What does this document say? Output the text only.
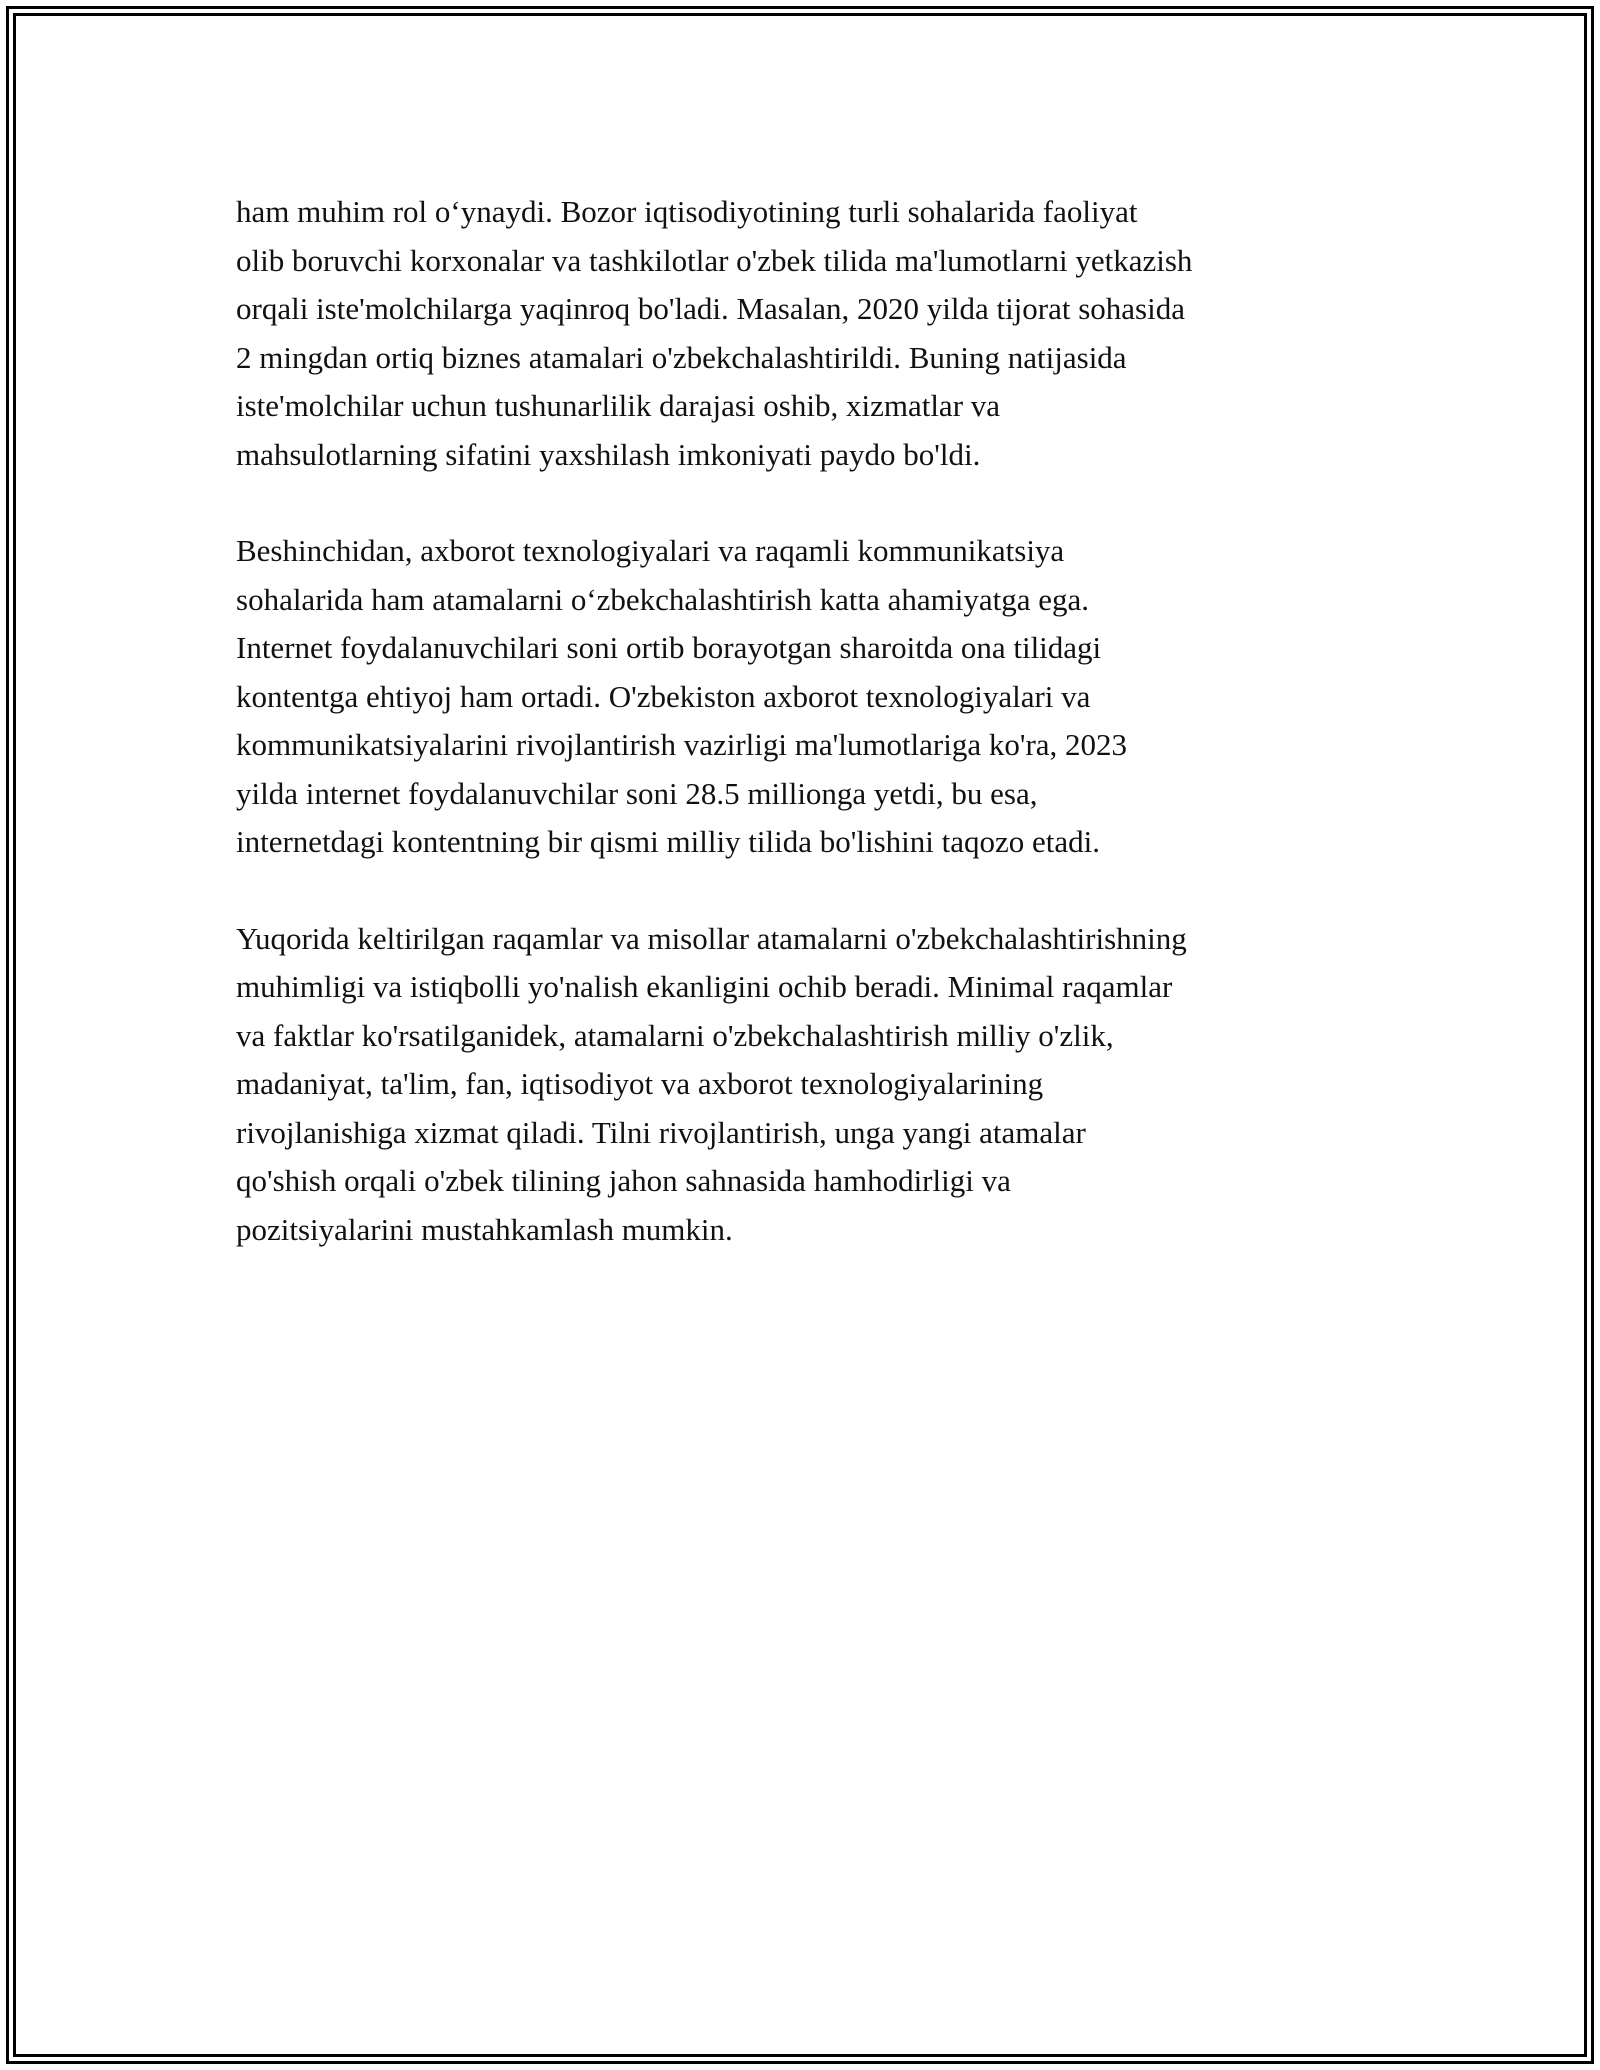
ham muhim rol o‘ynaydi. Bozor iqtisodiyotining turli sohalarida faoliyat
olib boruvchi korxonalar va tashkilotlar o'zbek tilida ma'lumotlarni yetkazish
orqali iste'molchilarga yaqinroq bo'ladi. Masalan, 2020 yilda tijorat sohasida
2 mingdan ortiq biznes atamalari o'zbekchalashtirildi. Buning natijasida
iste'molchilar uchun tushunarlilik darajasi oshib, xizmatlar va
mahsulotlarning sifatini yaxshilash imkoniyati paydo bo'ldi.

Beshinchidan, axborot texnologiyalari va raqamli kommunikatsiya
sohalarida ham atamalarni o‘zbekchalashtirish katta ahamiyatga ega.
Internet foydalanuvchilari soni ortib borayotgan sharoitda ona tilidagi
kontentga ehtiyoj ham ortadi. O'zbekiston axborot texnologiyalari va
kommunikatsiyalarini rivojlantirish vazirligi ma'lumotlariga ko'ra, 2023
yilda internet foydalanuvchilar soni 28.5 millionga yetdi, bu esa,
internetdagi kontentning bir qismi milliy tilida bo'lishini taqozo etadi.

Yuqorida keltirilgan raqamlar va misollar atamalarni o'zbekchalashtirishning
muhimligi va istiqbolli yo'nalish ekanligini ochib beradi. Minimal raqamlar
va faktlar ko'rsatilganidek, atamalarni o'zbekchalashtirish milliy o'zlik,
madaniyat, ta'lim, fan, iqtisodiyot va axborot texnologiyalarining
rivojlanishiga xizmat qiladi. Tilni rivojlantirish, unga yangi atamalar
qo'shish orqali o'zbek tilining jahon sahnasida hamhodirligi va
pozitsiyalarini mustahkamlash mumkin.
